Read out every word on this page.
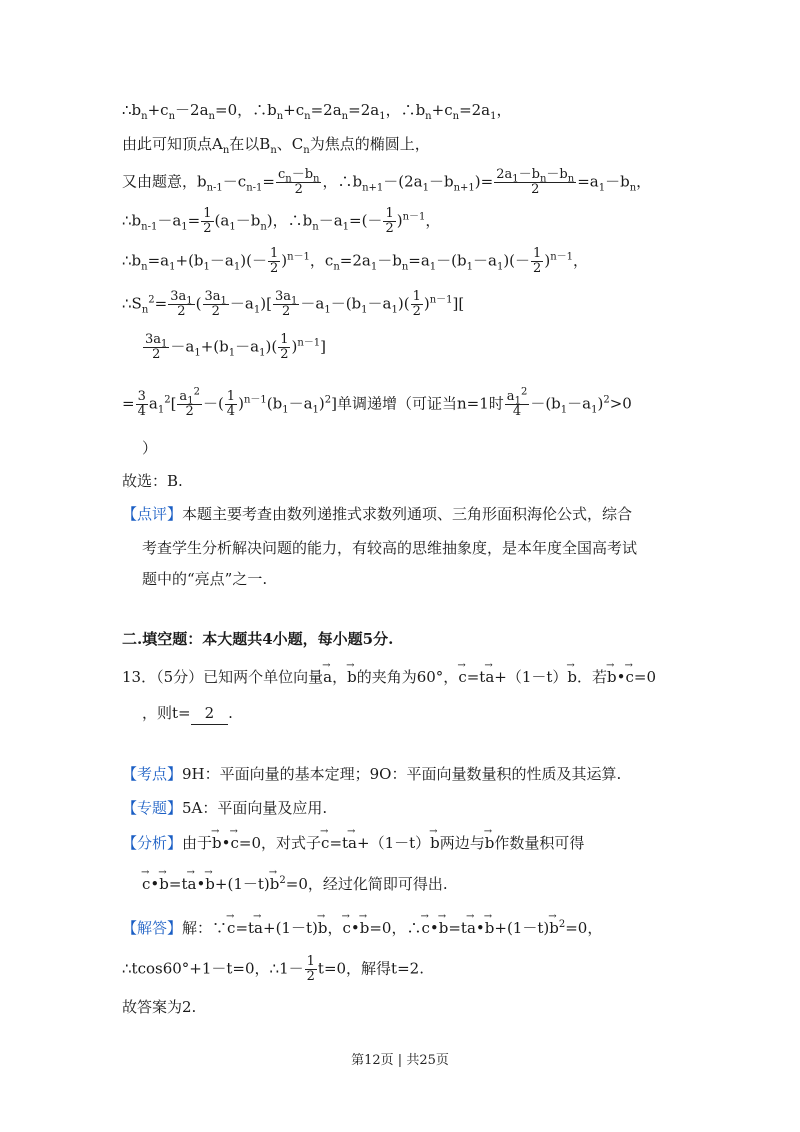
$\therefore b_n+c_n-2a_n=0$，$\therefore b_n+c_n=2a_n=2a_1$，$\therefore b_n+c_n=2a_1$，
由此可知顶点$A_n$在以$B_n$、$C_n$为焦点的椭圆上，
又由题意，$b_{n-1}-c_{n-1}= \frac{c_n-b_n}{2}$ ，$\therefore b_{n+1}-(2a_1-b_{n+1})= \frac{2a_1-b_n-b_n}{2} =a_1-b_n$，
$\therefore b_{n-1}-a_1= \frac{1}{2} (a_1-b_n)$，$\therefore b_n-a_1=(- \frac{1}{2} )^{n-1}$，
$\therefore b_n=a_1+(b_1-a_1)(- \frac{1}{2} )^{n-1}$，$c_n=2a_1-b_n=a_1-(b_1-a_1)(- \frac{1}{2} )^{n-1}$，
$\therefore S_n^2= \frac{3a_1}{2}$ ( $\frac{3a_1}{2} -a_1)[ \frac{3a_1}{2} -a_1-(b_1-a_1)( \frac{1}{2} )^{n-1}]$[
$\frac{3a_1}{2} -a_1+(b_1-a_1)( \frac{1}{2} )^{n-1}$]
= $\frac{3}{4} a_1^2[ \frac{a_1^2}{2}$ －( $\frac{1}{4} )^{n-1}(b_1-a_1)^2$]单调递增（可证当n=1时 $\frac{a_1^2}{4} -(b_1-a_1)^2>0$
）
故选：B.
【点评】本题主要考查由数列递推式求数列通项、三角形面积海伦公式，综合
考查学生分析解决问题的能力，有较高的思维抽象度，是本年度全国高考试
题中的“亮点”之一.
二.填空题：本大题共4小题，每小题5分.
13．（5分）已知两个单位向量→ a，→ b的夹角为60°，→ c=t→ a+（1－t）→ b．若→ b•→ c=0
，则t= 2 .
【考点】9H：平面向量的基本定理；9O：平面向量数量积的性质及其运算.
【专题】5A：平面向量及应用.
【分析】由于→ b•→ c=0，对式子→ c=t→ a+（1－t）→ b两边与→ b作数量积可得
→ c•→ b=t→ a•→ $b+(1-t)\to b^2=0$，经过化简即可得出.
【解答】解：∵→ c=t→ a+(1－t)→ b，→ c•→ b=0，∴→ c•→ b=t→ a•→ $b+(1-t)\to b^2=0$，
∴tcos60°+1－t=0，∴1－ $\frac{1}{2} t=0$，解得t=2.
故答案为2.
第12页 | 共25页
